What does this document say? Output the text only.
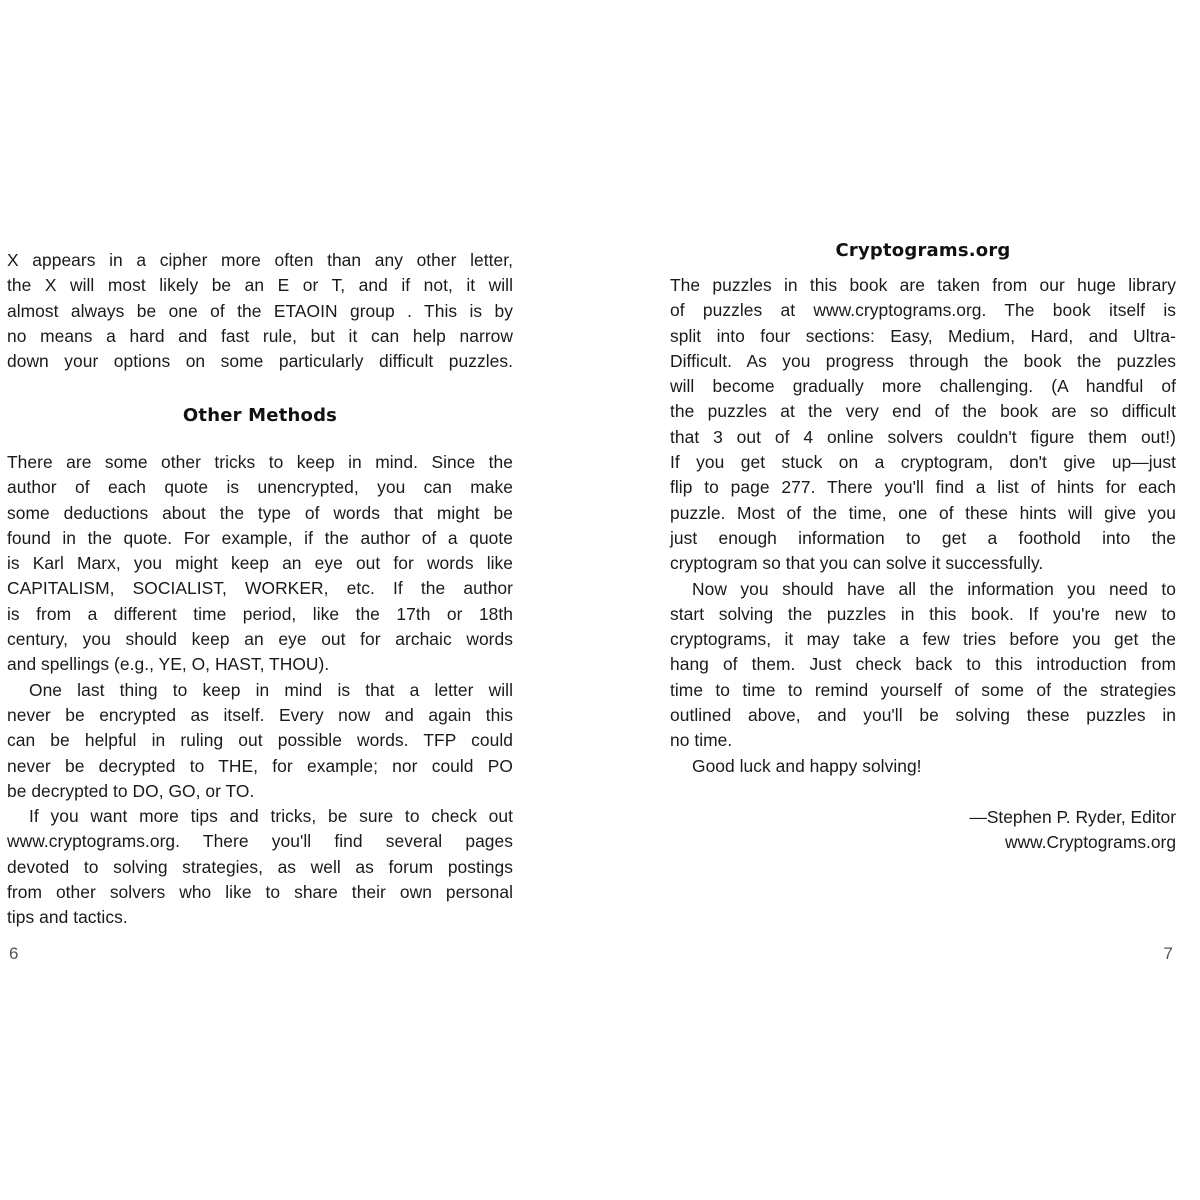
X appears in a cipher more often than any other letter,
the X will most likely be an E or T, and if not, it will
almost always be one of the ETAOIN group . This is by
no means a hard and fast rule, but it can help narrow
down your options on some particularly difficult puzzles.
Other Methods
There are some other tricks to keep in mind. Since the
author of each quote is unencrypted, you can make
some deductions about the type of words that might be
found in the quote. For example, if the author of a quote
is Karl Marx, you might keep an eye out for words like
CAPITALISM, SOCIALIST, WORKER, etc. If the author
is from a different time period, like the 17th or 18th
century, you should keep an eye out for archaic words
and spellings (e.g., YE, O, HAST, THOU).
One last thing to keep in mind is that a letter will
never be encrypted as itself. Every now and again this
can be helpful in ruling out possible words. TFP could
never be decrypted to THE, for example; nor could PO
be decrypted to DO, GO, or TO.
If you want more tips and tricks, be sure to check out
www.cryptograms.org. There you'll find several pages
devoted to solving strategies, as well as forum postings
from other solvers who like to share their own personal
tips and tactics.
6
Cryptograms.org
The puzzles in this book are taken from our huge library
of puzzles at www.cryptograms.org. The book itself is
split into four sections: Easy, Medium, Hard, and Ultra-
Difficult. As you progress through the book the puzzles
will become gradually more challenging. (A handful of
the puzzles at the very end of the book are so difficult
that 3 out of 4 online solvers couldn't figure them out!)
If you get stuck on a cryptogram, don't give up—just
flip to page 277. There you'll find a list of hints for each
puzzle. Most of the time, one of these hints will give you
just enough information to get a foothold into the
cryptogram so that you can solve it successfully.
Now you should have all the information you need to
start solving the puzzles in this book. If you're new to
cryptograms, it may take a few tries before you get the
hang of them. Just check back to this introduction from
time to time to remind yourself of some of the strategies
outlined above, and you'll be solving these puzzles in
no time.
Good luck and happy solving!
—Stephen P. Ryder, Editor
www.Cryptograms.org
7
